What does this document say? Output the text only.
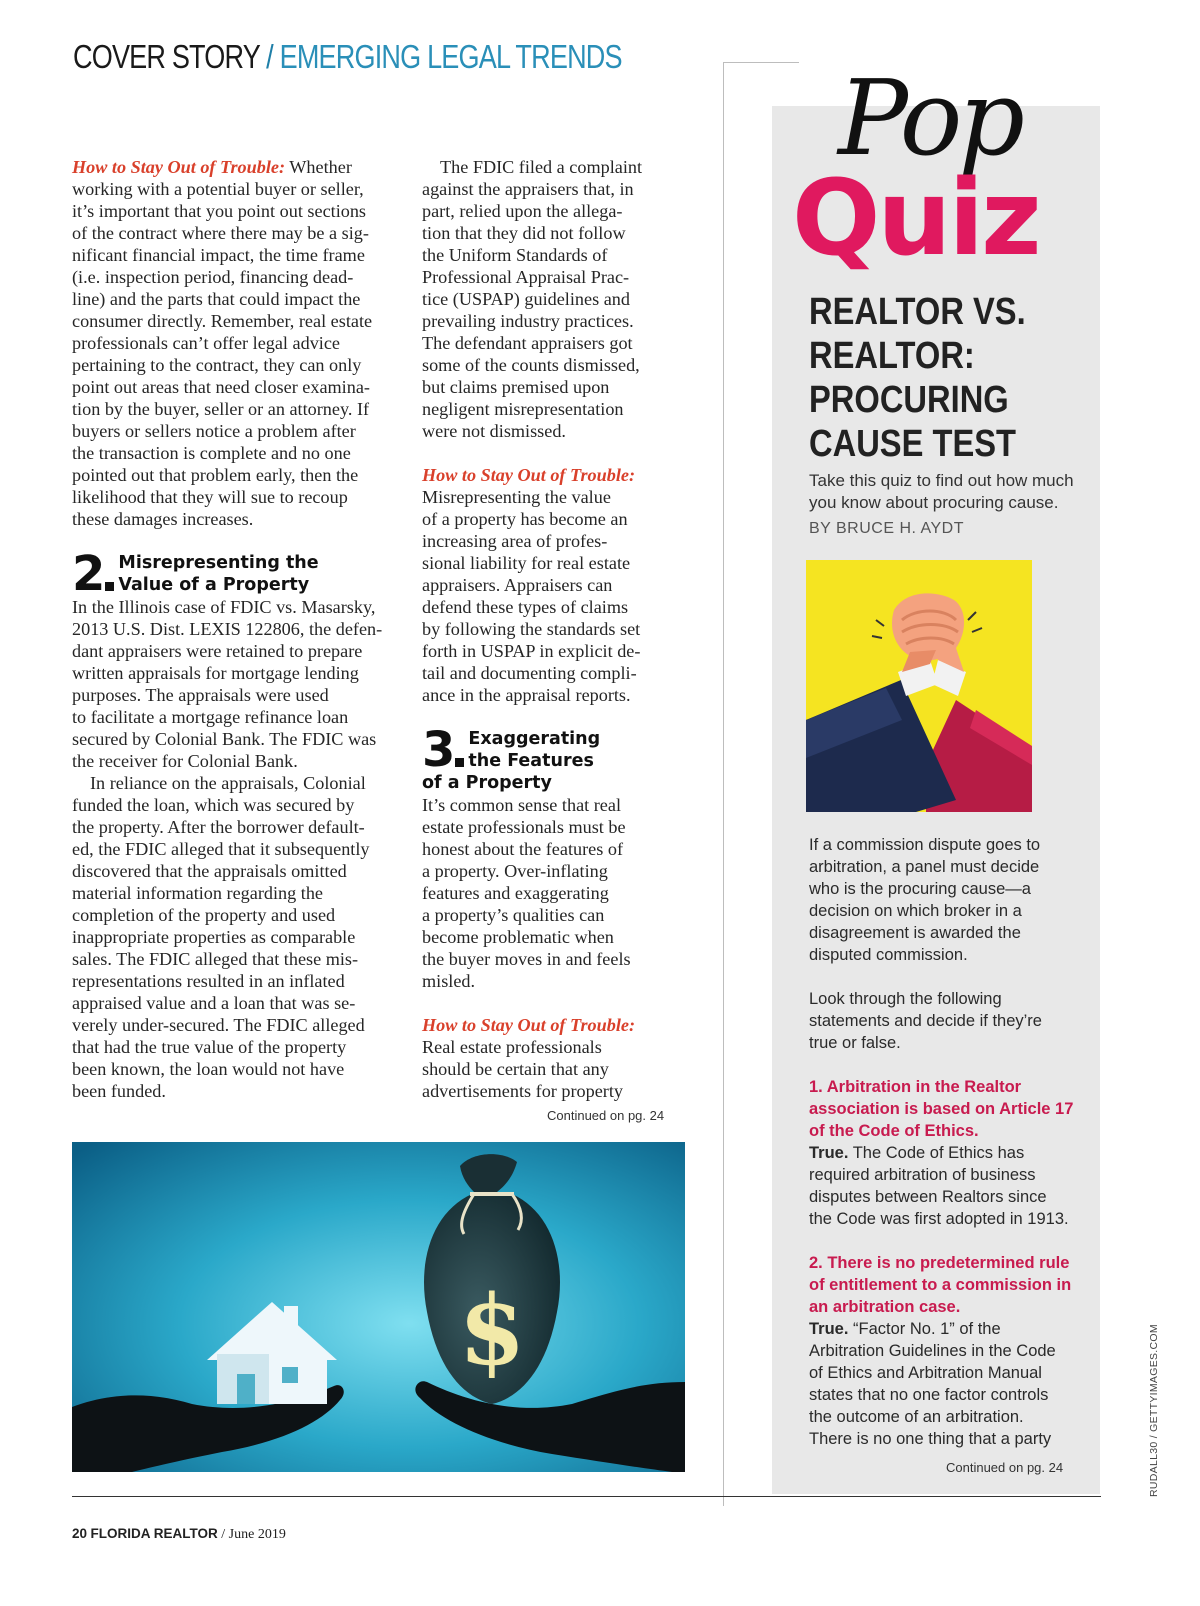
COVER STORY / EMERGING LEGAL TRENDS
How to Stay Out of Trouble: Whether
working with a potential buyer or seller,
it’s important that you point out sections
of the contract where there may be a sig-
nificant financial impact, the time frame
(i.e. inspection period, financing dead-
line) and the parts that could impact the
consumer directly. Remember, real estate
professionals can’t offer legal advice
pertaining to the contract, they can only
point out areas that need closer examina-
tion by the buyer, seller or an attorney. If
buyers or sellers notice a problem after
the transaction is complete and no one
pointed out that problem early, then the
likelihood that they will sue to recoup
these damages increases.
2 Misrepresenting the
Value of a Property
In the Illinois case of FDIC vs. Masarsky,
2013 U.S. Dist. LEXIS 122806, the defen-
dant appraisers were retained to prepare
written appraisals for mortgage lending
purposes. The appraisals were used
to facilitate a mortgage refinance loan
secured by Colonial Bank. The FDIC was
the receiver for Colonial Bank.
In reliance on the appraisals, Colonial
funded the loan, which was secured by
the property. After the borrower default-
ed, the FDIC alleged that it subsequently
discovered that the appraisals omitted
material information regarding the
completion of the property and used
inappropriate properties as comparable
sales. The FDIC alleged that these mis-
representations resulted in an inflated
appraised value and a loan that was se-
verely under-secured. The FDIC alleged
that had the true value of the property
been known, the loan would not have
been funded.
The FDIC filed a complaint
against the appraisers that, in
part, relied upon the allega-
tion that they did not follow
the Uniform Standards of
Professional Appraisal Prac-
tice (USPAP) guidelines and
prevailing industry practices.
The defendant appraisers got
some of the counts dismissed,
but claims premised upon
negligent misrepresentation
were not dismissed.
How to Stay Out of Trouble:
Misrepresenting the value
of a property has become an
increasing area of profes-
sional liability for real estate
appraisers. Appraisers can
defend these types of claims
by following the standards set
forth in USPAP in explicit de-
tail and documenting compli-
ance in the appraisal reports.
3 Exaggerating
the Features
of a Property
It’s common sense that real
estate professionals must be
honest about the features of
a property. Over-inflating
features and exaggerating
a property’s qualities can
become problematic when
the buyer moves in and feels
misled.
How to Stay Out of Trouble:
Real estate professionals
should be certain that any
advertisements for property
Continued on pg. 24
$
Pop
Quiz
REALTOR VS.
REALTOR:
PROCURING
CAUSE TEST
Take this quiz to find out how much
you know about procuring cause.
BY BRUCE H. AYDT
If a commission dispute goes to
arbitration, a panel must decide
who is the procuring cause—a
decision on which broker in a
disagreement is awarded the
disputed commission.
Look through the following
statements and decide if they’re
true or false.
1. Arbitration in the Realtor
association is based on Article 17
of the Code of Ethics.
True. The Code of Ethics has
required arbitration of business
disputes between Realtors since
the Code was first adopted in 1913.
2. There is no predetermined rule
of entitlement to a commission in
an arbitration case.
True. “Factor No. 1” of the
Arbitration Guidelines in the Code
of Ethics and Arbitration Manual
states that no one factor controls
the outcome of an arbitration.
There is no one thing that a party
Continued on pg. 24	RUDALL30 / GETTYIMAGES.COM
20 FLORIDA REALTOR / June 2019
